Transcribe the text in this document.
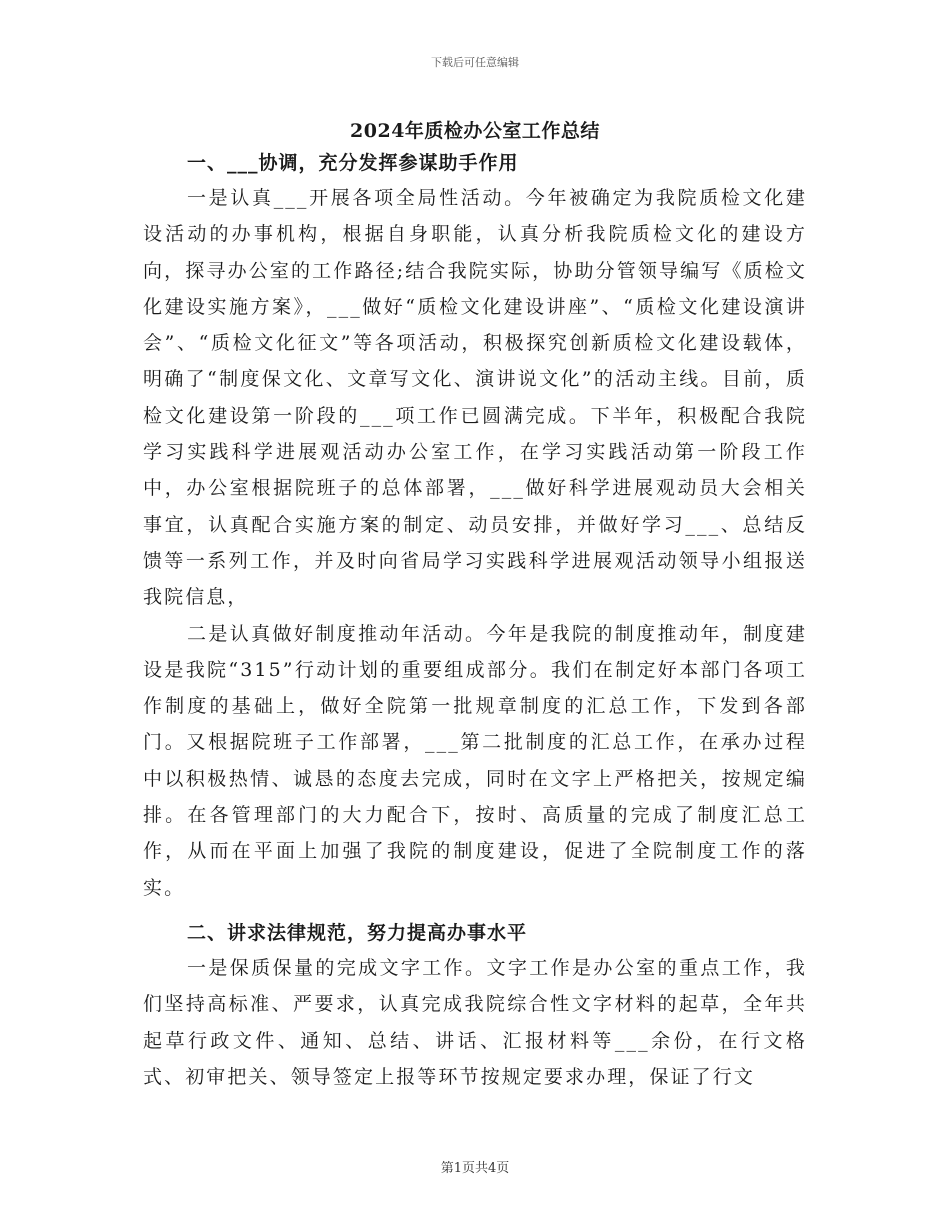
下载后可任意编辑
2024年质检办公室工作总结
一、___协调，充分发挥参谋助手作用

一是认真___开展各项全局性活动。今年被确定为我院质检文化建设活动的办事机构，根据自身职能，认真分析我院质检文化的建设方向，探寻办公室的工作路径;结合我院实际，协助分管领导编写《质检文化建设实施方案》，___做好“质检文化建设讲座”、“质检文化建设演讲会”、“质检文化征文”等各项活动，积极探究创新质检文化建设载体，明确了“制度保文化、文章写文化、演讲说文化”的活动主线。目前，质检文化建设第一阶段的___项工作已圆满完成。下半年，积极配合我院学习实践科学进展观活动办公室工作，在学习实践活动第一阶段工作中，办公室根据院班子的总体部署，___做好科学进展观动员大会相关事宜，认真配合实施方案的制定、动员安排，并做好学习___、总结反馈等一系列工作，并及时向省局学习实践科学进展观活动领导小组报送我院信息，

二是认真做好制度推动年活动。今年是我院的制度推动年，制度建设是我院“315”行动计划的重要组成部分。我们在制定好本部门各项工作制度的基础上，做好全院第一批规章制度的汇总工作，下发到各部门。又根据院班子工作部署，___第二批制度的汇总工作，在承办过程中以积极热情、诚恳的态度去完成，同时在文字上严格把关，按规定编排。在各管理部门的大力配合下，按时、高质量的完成了制度汇总工作，从而在平面上加强了我院的制度建设，促进了全院制度工作的落实。

二、讲求法律规范，努力提高办事水平

一是保质保量的完成文字工作。文字工作是办公室的重点工作，我们坚持高标准、严要求，认真完成我院综合性文字材料的起草，全年共起草行政文件、通知、总结、讲话、汇报材料等___余份，在行文格式、初审把关、领导签定上报等环节按规定要求办理，保证了行文

第1页共4页
